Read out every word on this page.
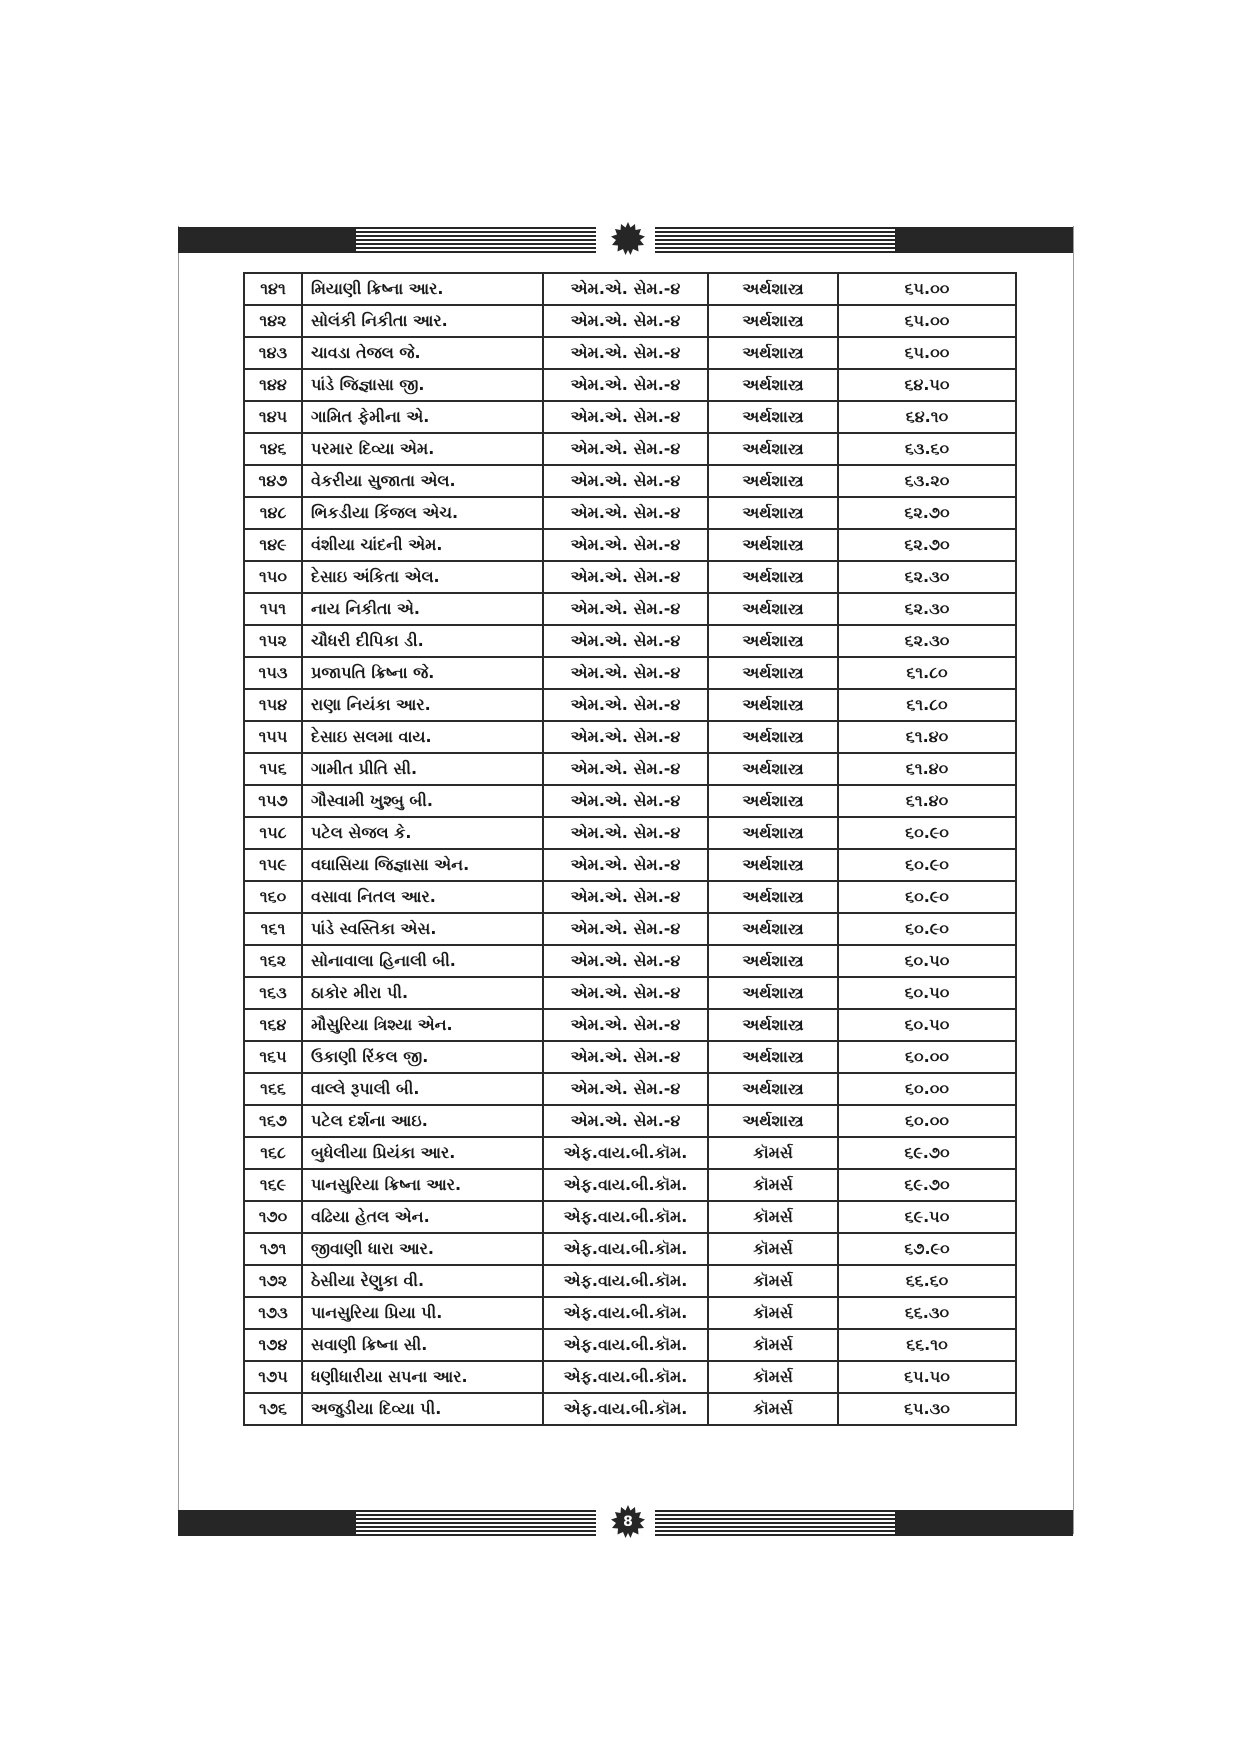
૧૪૧	મિયાણી ક્રિષ્ના આર.	એમ.એ. સેમ.-૪	અર્થશાસ્ત્ર	૬૫.૦૦
૧૪૨	સોલંકી નિકીતા આર.	એમ.એ. સેમ.-૪	અર્થશાસ્ત્ર	૬૫.૦૦
૧૪૩	ચાવડા તેજલ જે.	એમ.એ. સેમ.-૪	અર્થશાસ્ત્ર	૬૫.૦૦
૧૪૪	પાંડે જિજ્ઞાસા જી.	એમ.એ. સેમ.-૪	અર્થશાસ્ત્ર	૬૪.૫૦
૧૪૫	ગામિત ફેમીના એ.	એમ.એ. સેમ.-૪	અર્થશાસ્ત્ર	૬૪.૧૦
૧૪૬	પરમાર દિવ્યા એમ.	એમ.એ. સેમ.-૪	અર્થશાસ્ત્ર	૬૩.૬૦
૧૪૭	વેકરીયા સુજાતા એલ.	એમ.એ. સેમ.-૪	અર્થશાસ્ત્ર	૬૩.૨૦
૧૪૮	ભિકડીયા કિંજલ એચ.	એમ.એ. સેમ.-૪	અર્થશાસ્ત્ર	૬૨.૭૦
૧૪૯	વંશીયા ચાંદની એમ.	એમ.એ. સેમ.-૪	અર્થશાસ્ત્ર	૬૨.૭૦
૧૫૦	દેસાઇ અંકિતા એલ.	એમ.એ. સેમ.-૪	અર્થશાસ્ત્ર	૬૨.૩૦
૧૫૧	નાય નિકીતા એ.	એમ.એ. સેમ.-૪	અર્થશાસ્ત્ર	૬૨.૩૦
૧૫૨	ચૌધરી દીપિકા ડી.	એમ.એ. સેમ.-૪	અર્થશાસ્ત્ર	૬૨.૩૦
૧૫૩	પ્રજાપતિ ક્રિષ્ના જે.	એમ.એ. સેમ.-૪	અર્થશાસ્ત્ર	૬૧.૮૦
૧૫૪	રાણા નિયંકા આર.	એમ.એ. સેમ.-૪	અર્થશાસ્ત્ર	૬૧.૮૦
૧૫૫	દેસાઇ સલમા વાય.	એમ.એ. સેમ.-૪	અર્થશાસ્ત્ર	૬૧.૪૦
૧૫૬	ગામીત પ્રીતિ સી.	એમ.એ. સેમ.-૪	અર્થશાસ્ત્ર	૬૧.૪૦
૧૫૭	ગૌસ્વામી ખુશ્બુ બી.	એમ.એ. સેમ.-૪	અર્થશાસ્ત્ર	૬૧.૪૦
૧૫૮	પટેલ સેજલ કે.	એમ.એ. સેમ.-૪	અર્થશાસ્ત્ર	૬૦.૯૦
૧૫૯	વઘાસિયા જિજ્ઞાસા એન.	એમ.એ. સેમ.-૪	અર્થશાસ્ત્ર	૬૦.૯૦
૧૬૦	વસાવા નિતલ આર.	એમ.એ. સેમ.-૪	અર્થશાસ્ત્ર	૬૦.૯૦
૧૬૧	પાંડે સ્વસ્તિકા એસ.	એમ.એ. સેમ.-૪	અર્થશાસ્ત્ર	૬૦.૯૦
૧૬૨	સોનાવાલા હિનાલી બી.	એમ.એ. સેમ.-૪	અર્થશાસ્ત્ર	૬૦.૫૦
૧૬૩	ઠાકોર મીરા પી.	એમ.એ. સેમ.-૪	અર્થશાસ્ત્ર	૬૦.૫૦
૧૬૪	મૌસુરિયા ત્રિશ્યા એન.	એમ.એ. સેમ.-૪	અર્થશાસ્ત્ર	૬૦.૫૦
૧૬૫	ઉકાણી રિંકલ જી.	એમ.એ. સેમ.-૪	અર્થશાસ્ત્ર	૬૦.૦૦
૧૬૬	વાલ્લે રૂપાલી બી.	એમ.એ. સેમ.-૪	અર્થશાસ્ત્ર	૬૦.૦૦
૧૬૭	પટેલ દર્શના આઇ.	એમ.એ. સેમ.-૪	અર્થશાસ્ત્ર	૬૦.૦૦
૧૬૮	બુધેલીયા પ્રિયંકા આર.	એફ.વાય.બી.કૉમ.	કૉમર્સ	૬૯.૭૦
૧૬૯	પાનસુરિયા ક્રિષ્ના આર.	એફ.વાય.બી.કૉમ.	કૉમર્સ	૬૯.૭૦
૧૭૦	વઢિયા હેતલ એન.	એફ.વાય.બી.કૉમ.	કૉમર્સ	૬૯.૫૦
૧૭૧	જીવાણી ધારા આર.	એફ.વાય.બી.કૉમ.	કૉમર્સ	૬૭.૯૦
૧૭૨	ઠેસીયા રેણુકા વી.	એફ.વાય.બી.કૉમ.	કૉમર્સ	૬૬.૬૦
૧૭૩	પાનસુરિયા પ્રિયા પી.	એફ.વાય.બી.કૉમ.	કૉમર્સ	૬૬.૩૦
૧૭૪	સવાણી ક્રિષ્ના સી.	એફ.વાય.બી.કૉમ.	કૉમર્સ	૬૬.૧૦
૧૭૫	ધણીધારીયા સપના આર.	એફ.વાય.બી.કૉમ.	કૉમર્સ	૬૫.૫૦
૧૭૬	અજુડીયા દિવ્યા પી.	એફ.વાય.બી.કૉમ.	કૉમર્સ	૬૫.૩૦
8
